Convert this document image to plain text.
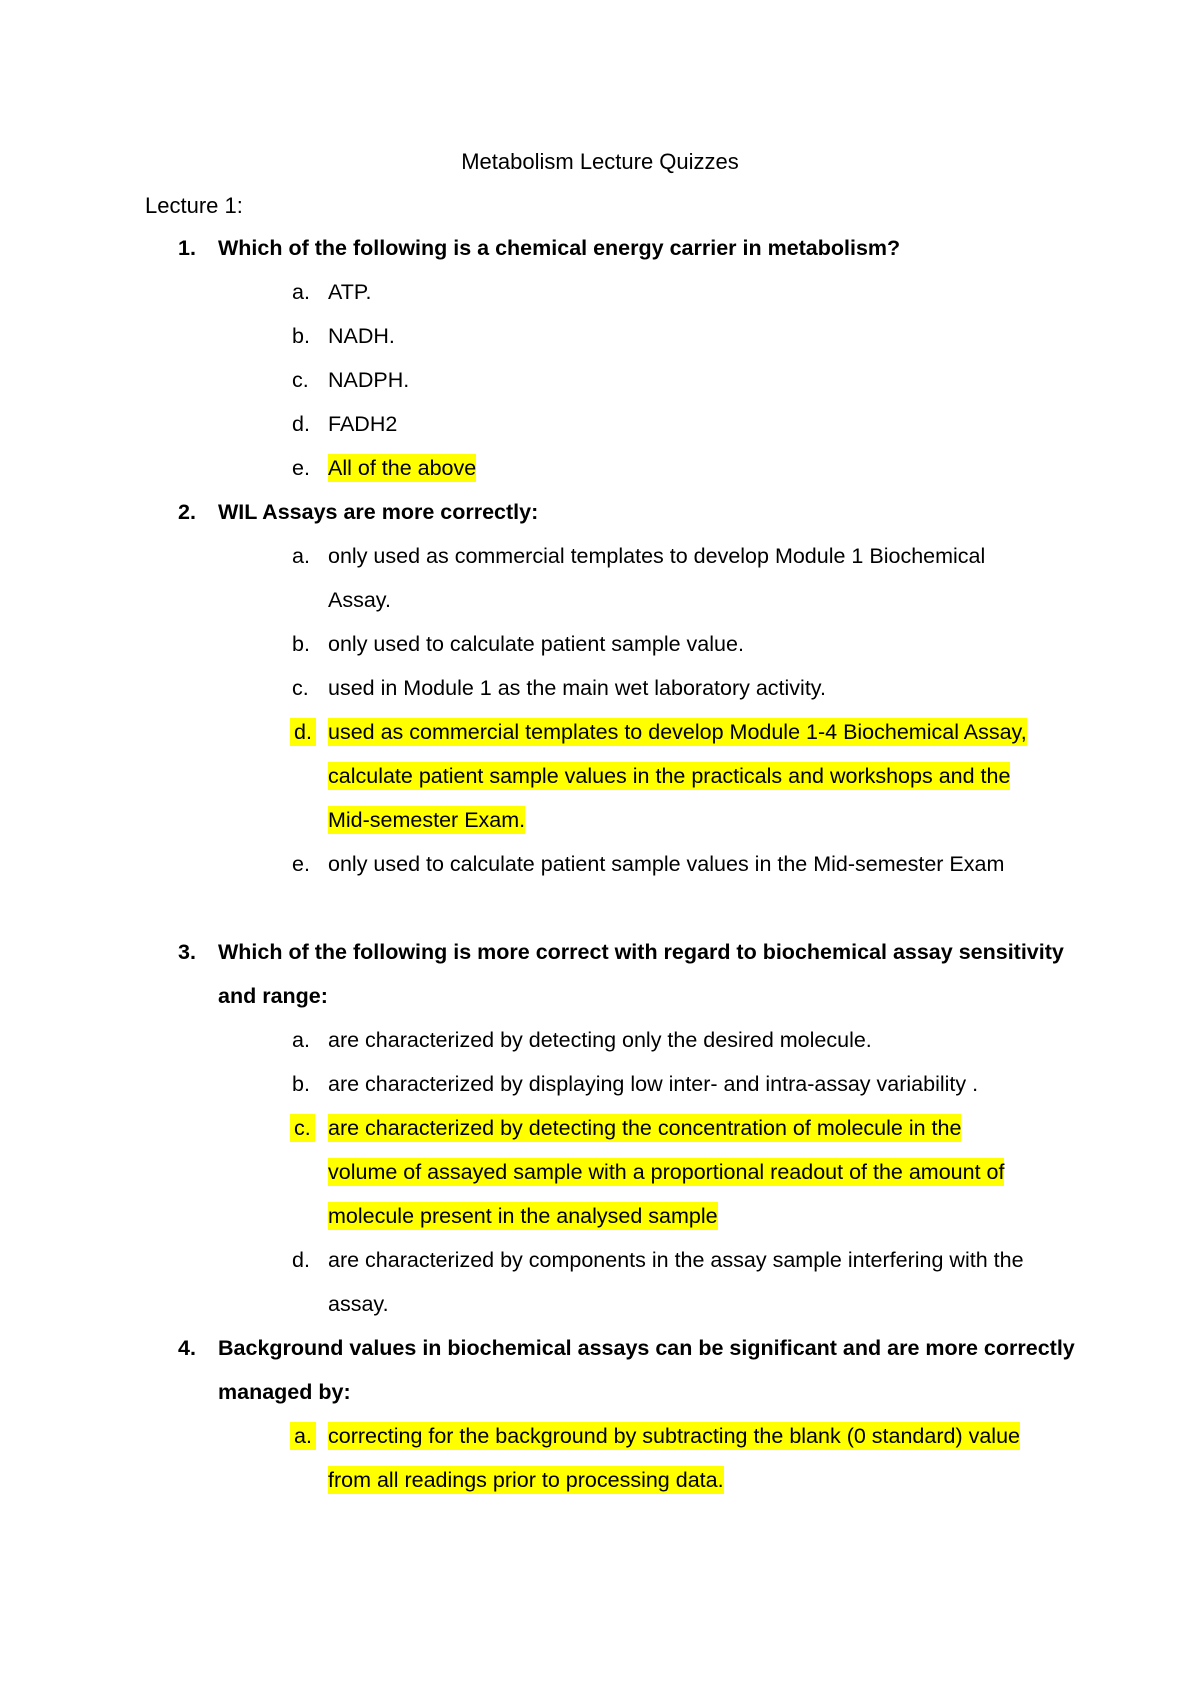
Metabolism Lecture Quizzes
Lecture 1:
1. Which of the following is a chemical energy carrier in metabolism?
a. ATP.
b. NADH.
c. NADPH.
d. FADH2
e. All of the above
2. WIL Assays are more correctly:
a. only used as commercial templates to develop Module 1 Biochemical
Assay.
b. only used to calculate patient sample value.
c. used in Module 1 as the main wet laboratory activity.
d. used as commercial templates to develop Module 1-4 Biochemical Assay,
calculate patient sample values in the practicals and workshops and the
Mid-semester Exam.
e. only used to calculate patient sample values in the Mid-semester Exam
3. Which of the following is more correct with regard to biochemical assay sensitivity
and range:
a. are characterized by detecting only the desired molecule.
b. are characterized by displaying low inter- and intra-assay variability .
c. are characterized by detecting the concentration of molecule in the
volume of assayed sample with a proportional readout of the amount of
molecule present in the analysed sample
d. are characterized by components in the assay sample interfering with the
assay.
4. Background values in biochemical assays can be significant and are more correctly
managed by:
a. correcting for the background by subtracting the blank (0 standard) value
from all readings prior to processing data.
